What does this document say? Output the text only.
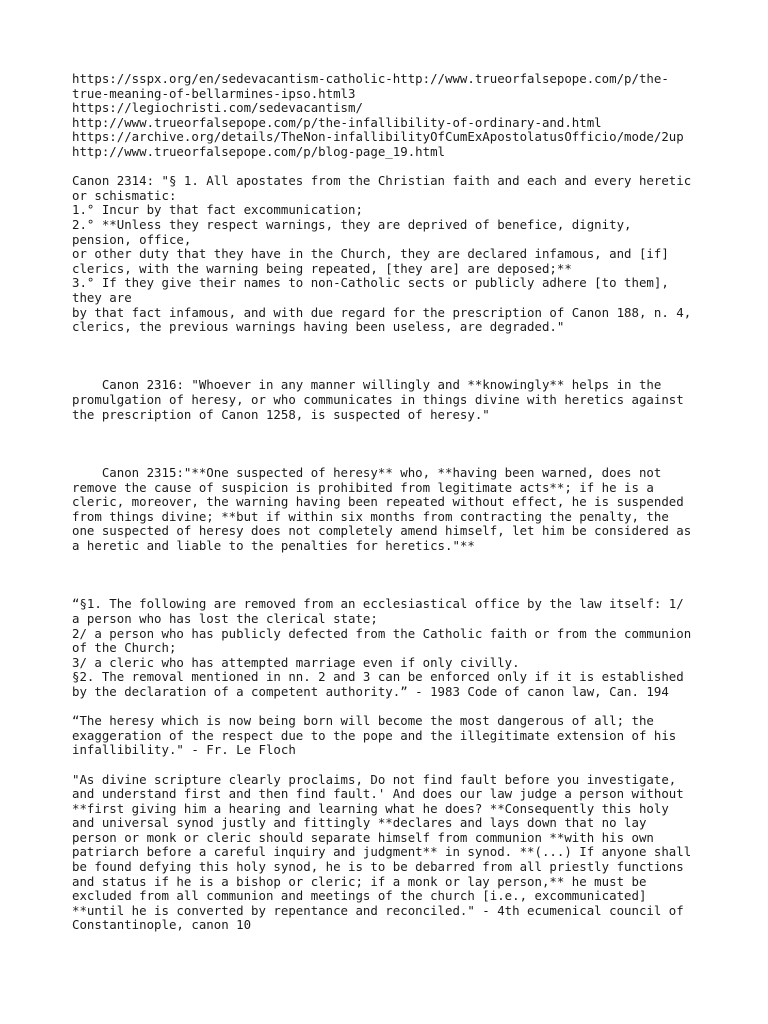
https://sspx.org/en/sedevacantism-catholic-http://www.trueorfalsepope.com/p/the-
true-meaning-of-bellarmines-ipso.html3
https://legiochristi.com/sedevacantism/
http://www.trueorfalsepope.com/p/the-infallibility-of-ordinary-and.html
https://archive.org/details/TheNon-infallibilityOfCumExApostolatusOfficio/mode/2up
http://www.trueorfalsepope.com/p/blog-page_19.html
Canon 2314: "§ 1. All apostates from the Christian faith and each and every heretic
or schismatic:
1.° Incur by that fact excommunication;
2.° **Unless they respect warnings, they are deprived of benefice, dignity,
pension, office,
or other duty that they have in the Church, they are declared infamous, and [if]
clerics, with the warning being repeated, [they are] are deposed;**
3.° If they give their names to non-Catholic sects or publicly adhere [to them],
they are
by that fact infamous, and with due regard for the prescription of Canon 188, n. 4,
clerics, the previous warnings having been useless, are degraded."
Canon 2316: "Whoever in any manner willingly and **knowingly** helps in the
promulgation of heresy, or who communicates in things divine with heretics against
the prescription of Canon 1258, is suspected of heresy."
Canon 2315:"**One suspected of heresy** who, **having been warned, does not
remove the cause of suspicion is prohibited from legitimate acts**; if he is a
cleric, moreover, the warning having been repeated without effect, he is suspended
from things divine; **but if within six months from contracting the penalty, the
one suspected of heresy does not completely amend himself, let him be considered as
a heretic and liable to the penalties for heretics."**
“§1. The following are removed from an ecclesiastical office by the law itself: 1/
a person who has lost the clerical state;
2/ a person who has publicly defected from the Catholic faith or from the communion
of the Church;
3/ a cleric who has attempted marriage even if only civilly.
§2. The removal mentioned in nn. 2 and 3 can be enforced only if it is established
by the declaration of a competent authority.” - 1983 Code of canon law, Can. 194
“The heresy which is now being born will become the most dangerous of all; the
exaggeration of the respect due to the pope and the illegitimate extension of his
infallibility." - Fr. Le Floch
"As divine scripture clearly proclaims, Do not find fault before you investigate,
and understand first and then find fault.' And does our law judge a person without
**first giving him a hearing and learning what he does? **Consequently this holy
and universal synod justly and fittingly **declares and lays down that no lay
person or monk or cleric should separate himself from communion **with his own
patriarch before a careful inquiry and judgment** in synod. **(...) If anyone shall
be found defying this holy synod, he is to be debarred from all priestly functions
and status if he is a bishop or cleric; if a monk or lay person,** he must be
excluded from all communion and meetings of the church [i.e., excommunicated]
**until he is converted by repentance and reconciled." - 4th ecumenical council of
Constantinople, canon 10
